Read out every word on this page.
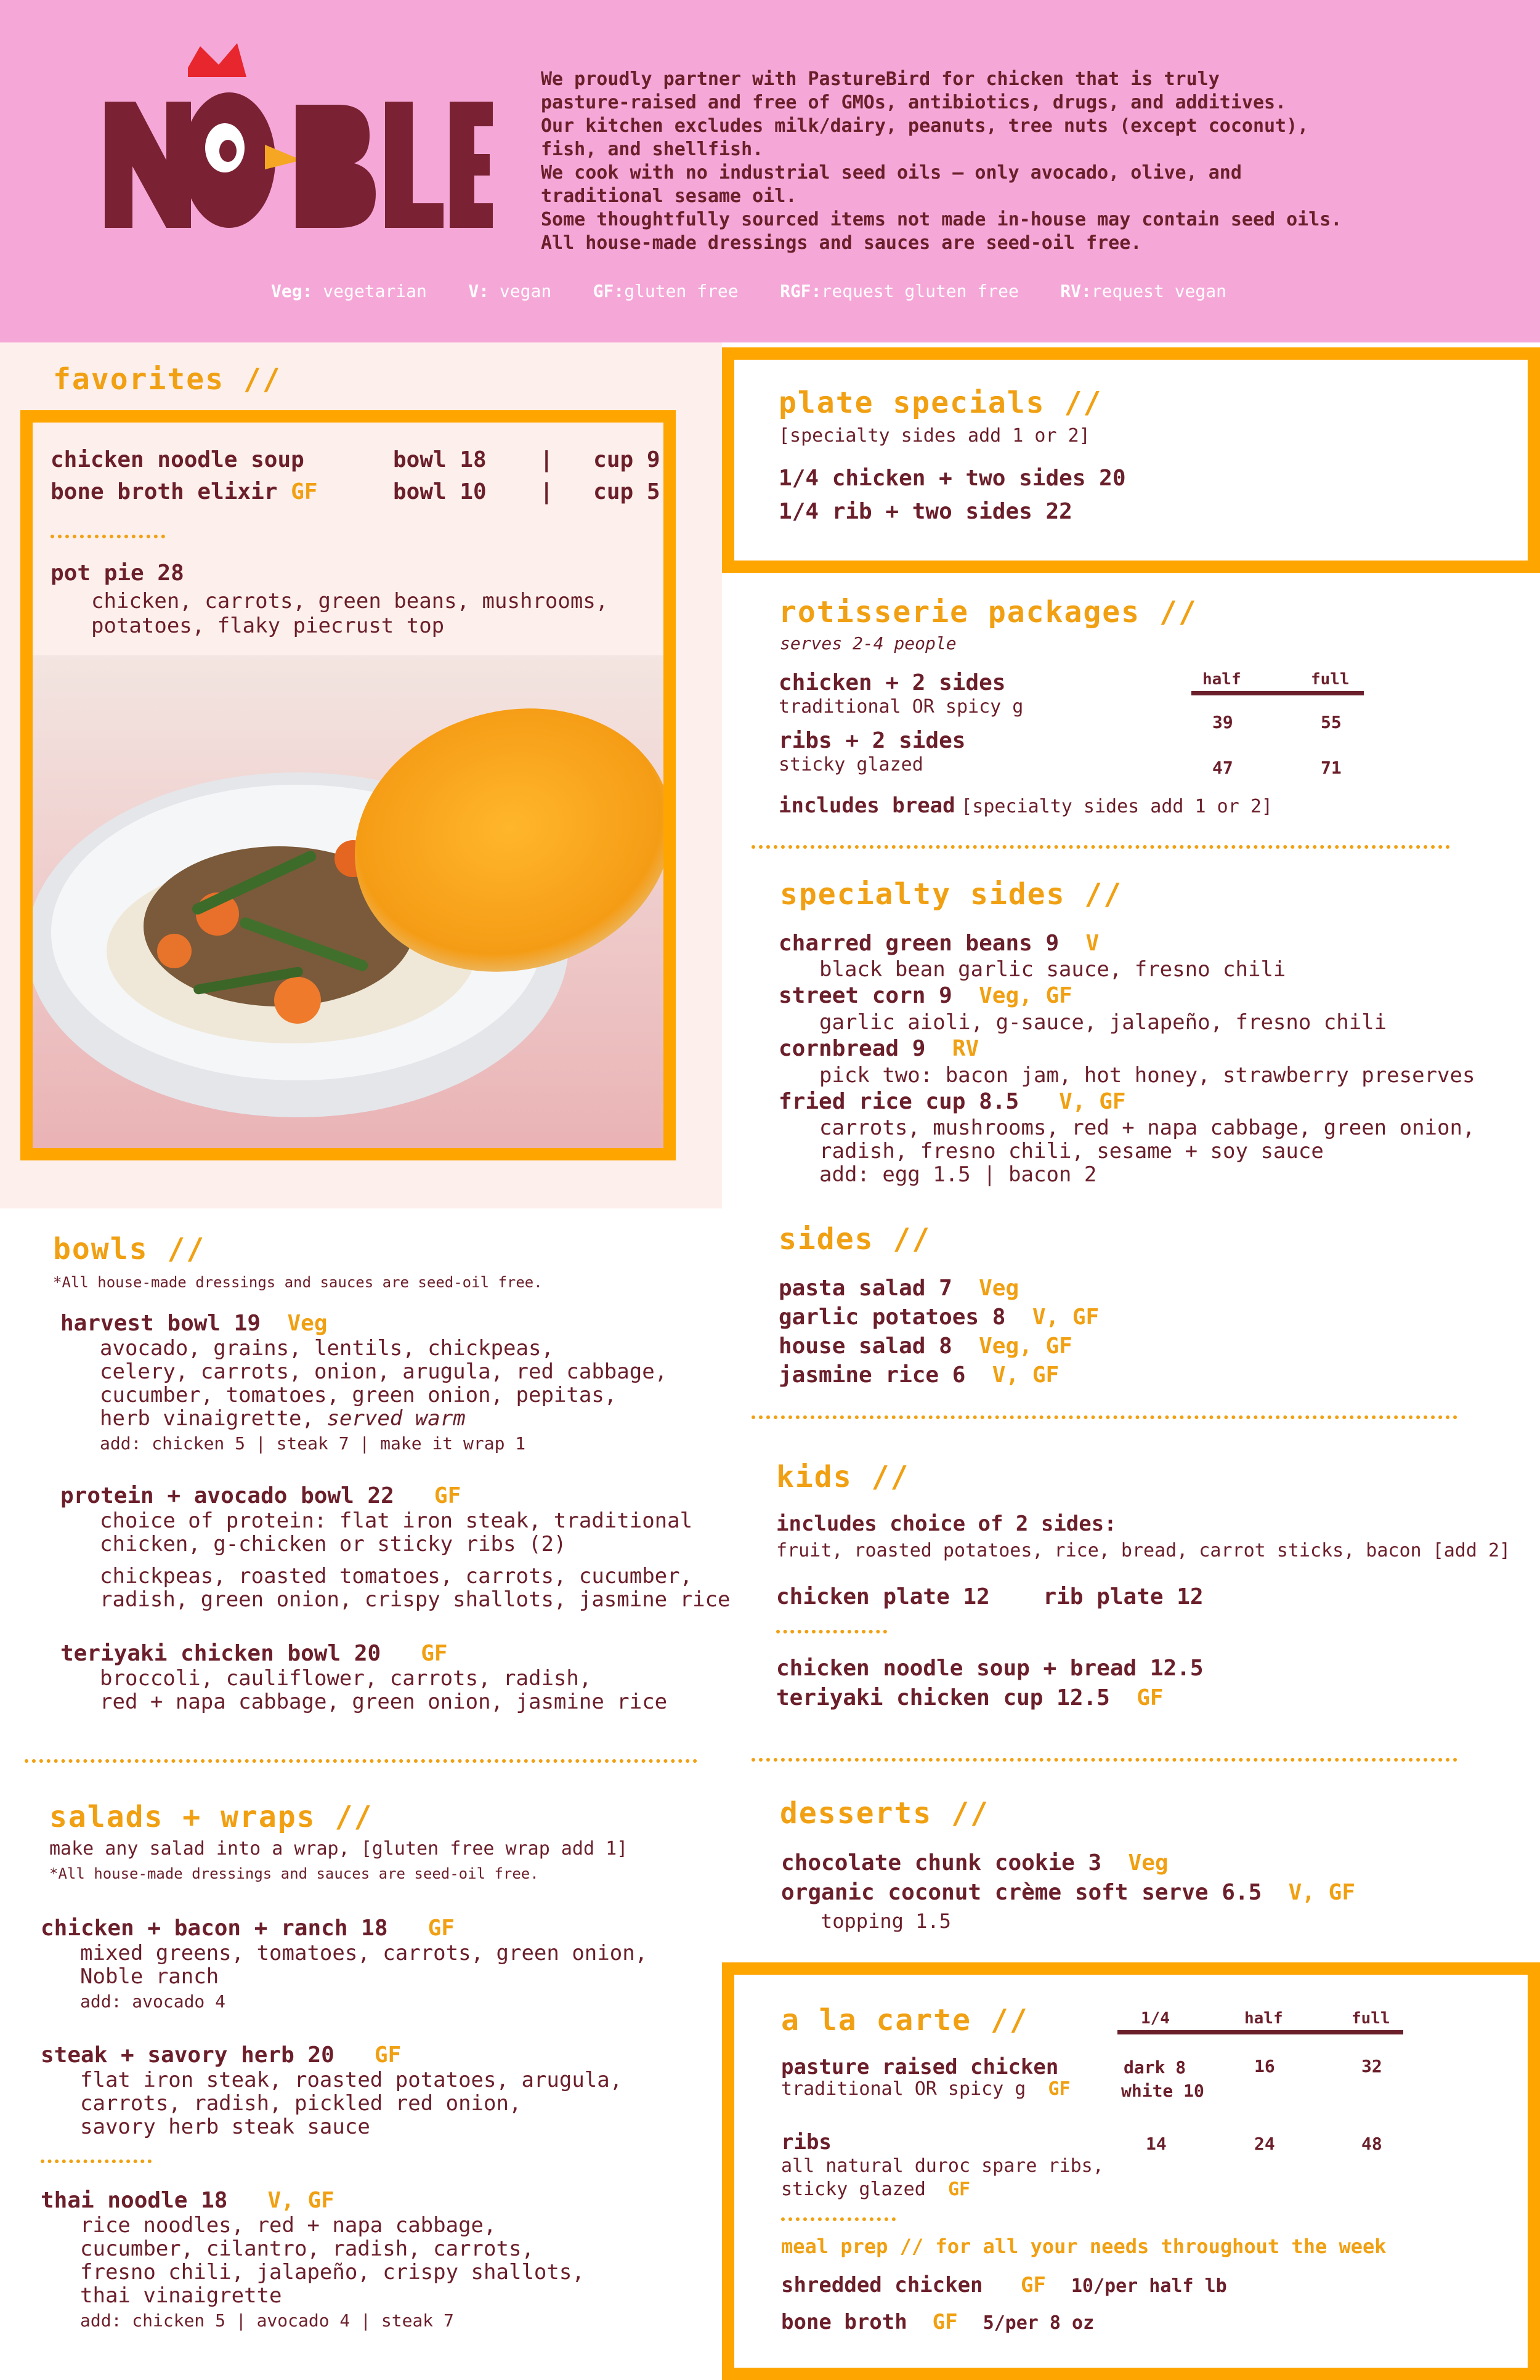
We proudly partner with PastureBird for chicken that is truly
pasture-raised and free of GMOs, antibiotics, drugs, and additives.
Our kitchen excludes milk/dairy, peanuts, tree nuts (except coconut),
fish, and shellfish.
We cook with no industrial seed oils — only avocado, olive, and
traditional sesame oil.
Some thoughtfully sourced items not made in-house may contain seed oils.
All house-made dressings and sauces are seed-oil free.
Veg: vegetarian V: vegan GF:gluten free RGF:request gluten free RV:request vegan
favorites //
chicken noodle soup	bowl 18 | cup 9
bone broth elixir GF	bowl 10 | cup 5
pot pie 28
chicken, carrots, green beans, mushrooms,
potatoes, flaky piecrust top
plate specials //
[specialty sides add 1 or 2]
1/4 chicken + two sides 20
1/4 rib + two sides 22
rotisserie packages //
serves 2-4 people
half	full
chicken + 2 sides
traditional OR spicy g
39	55
ribs + 2 sides
sticky glazed	47	71
includes bread [specialty sides add 1 or 2]
specialty sides //
charred green beans 9 V
black bean garlic sauce, fresno chili
street corn 9 Veg, GF
garlic aioli, g-sauce, jalapeño, fresno chili
cornbread 9 RV
pick two: bacon jam, hot honey, strawberry preserves
fried rice cup 8.5 V, GF
carrots, mushrooms, red + napa cabbage, green onion,
radish, fresno chili, sesame + soy sauce
add: egg 1.5 | bacon 2
sides //
pasta salad 7 Veg
garlic potatoes 8 V, GF
house salad 8 Veg, GF
jasmine rice 6 V, GF
kids //
includes choice of 2 sides:
fruit, roasted potatoes, rice, bread, carrot sticks, bacon [add 2]
chicken plate 12 rib plate 12
chicken noodle soup + bread 12.5
teriyaki chicken cup 12.5 GF
bowls //
*All house-made dressings and sauces are seed-oil free.
harvest bowl 19 Veg
avocado, grains, lentils, chickpeas,
celery, carrots, onion, arugula, red cabbage,
cucumber, tomatoes, green onion, pepitas,
herb vinaigrette, served warm
add: chicken 5 | steak 7 | make it wrap 1
protein + avocado bowl 22 GF
choice of protein: flat iron steak, traditional
chicken, g-chicken or sticky ribs (2)
chickpeas, roasted tomatoes, carrots, cucumber,
radish, green onion, crispy shallots, jasmine rice
teriyaki chicken bowl 20 GF
broccoli, cauliflower, carrots, radish,
red + napa cabbage, green onion, jasmine rice
salads + wraps //
make any salad into a wrap, [gluten free wrap add 1]
*All house-made dressings and sauces are seed-oil free.
chicken + bacon + ranch 18 GF
mixed greens, tomatoes, carrots, green onion,
Noble ranch
add: avocado 4
steak + savory herb 20 GF
flat iron steak, roasted potatoes, arugula,
carrots, radish, pickled red onion,
savory herb steak sauce
thai noodle 18 V, GF
rice noodles, red + napa cabbage,
cucumber, cilantro, radish, carrots,
fresno chili, jalapeño, crispy shallots,
thai vinaigrette
add: chicken 5 | avocado 4 | steak 7
desserts //
chocolate chunk cookie 3 Veg
organic coconut crème soft serve 6.5 V, GF
topping 1.5
a la carte //	1/4	half	full
pasture raised chicken
traditional OR spicy g GF
dark 8
white 10
16	32
ribs
all natural duroc spare ribs,
sticky glazed GF
14	24	48
meal prep // for all your needs throughout the week
shredded chicken GF 10/per half lb
bone broth GF 5/per 8 oz
